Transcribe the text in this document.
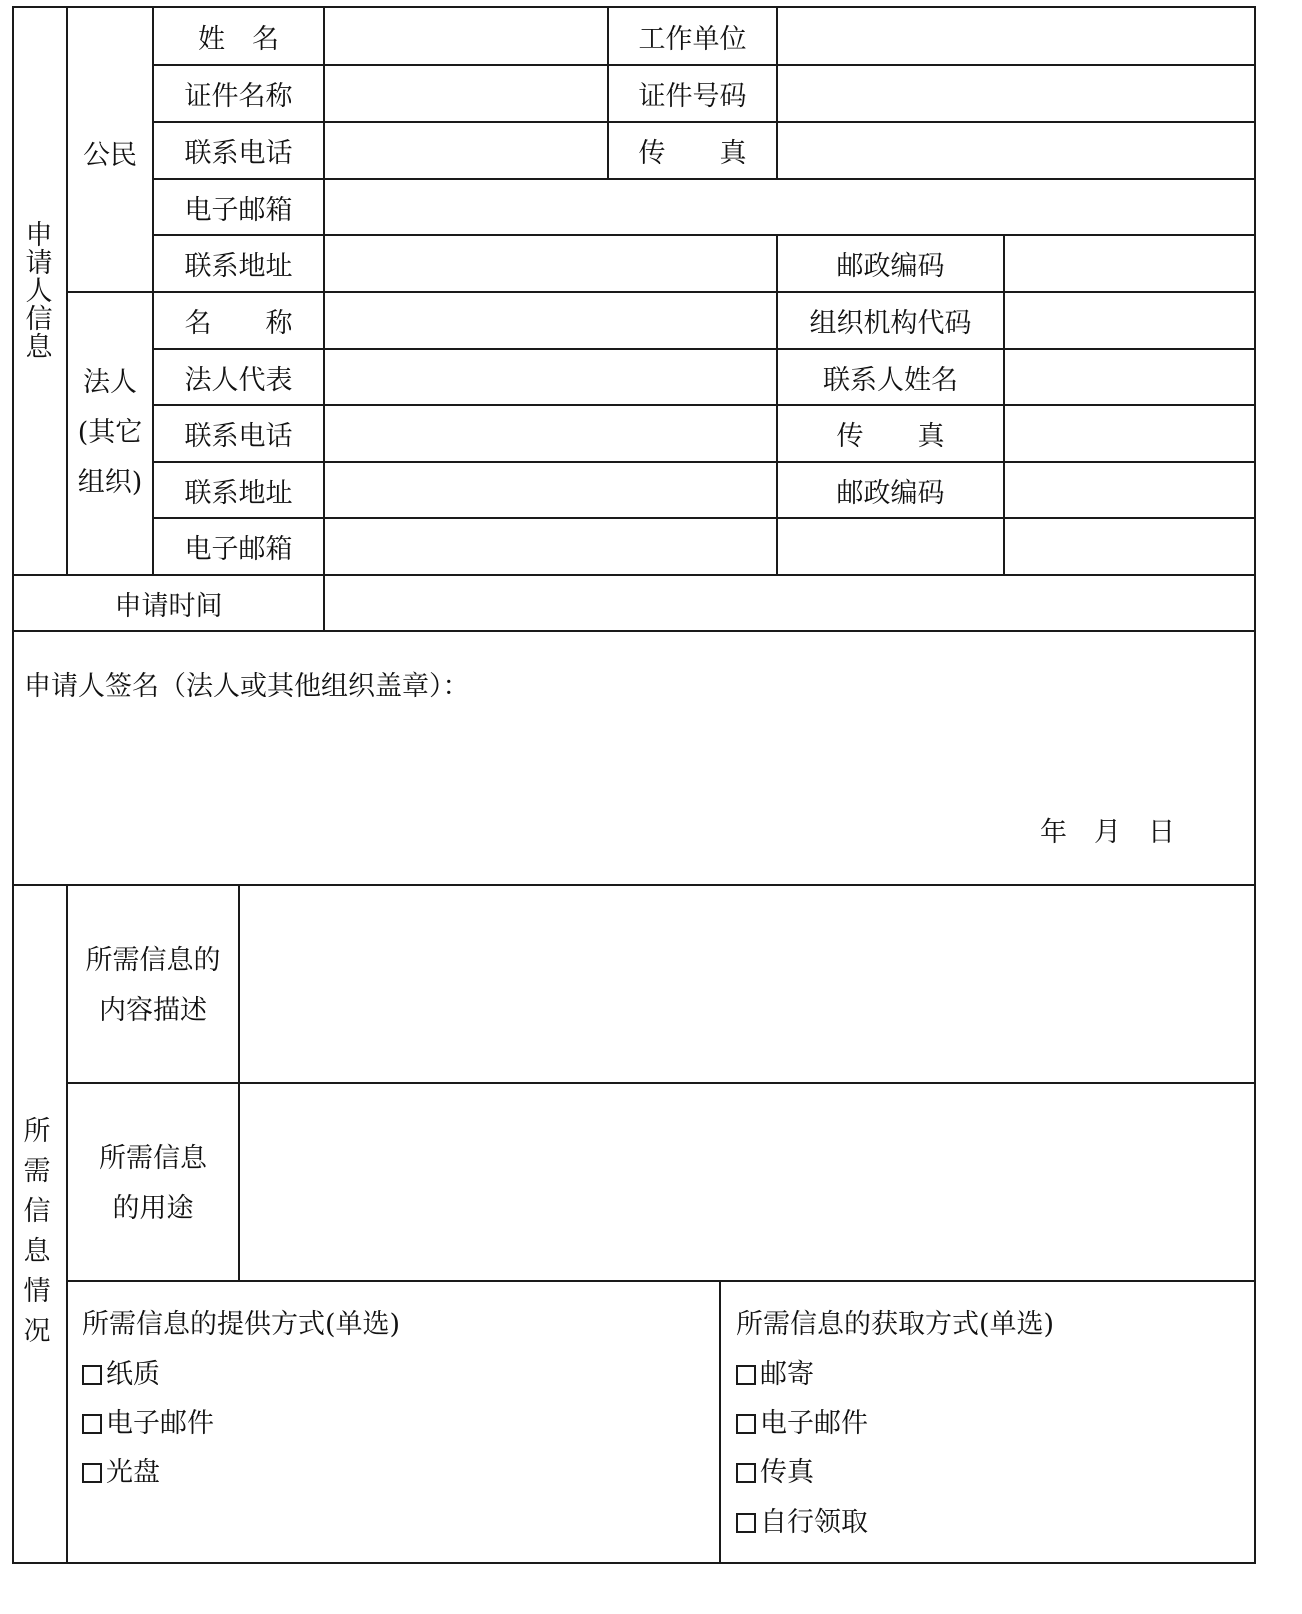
申请人信息
公民
姓　名	工作单位
证件名称	证件号码
联系电话	传　　真
电子邮箱
联系地址	邮政编码
法人
(其它
组织)
名　　称	组织机构代码
法人代表	联系人姓名
联系电话	传　　真
联系地址	邮政编码
电子邮箱
申请时间
申请人签名（法人或其他组织盖章）：
年　月　日
所需信息情况
所需信息的
内容描述
所需信息
的用途
所需信息的提供方式(单选)
纸质
电子邮件
光盘
所需信息的获取方式(单选)
邮寄
电子邮件
传真
自行领取
